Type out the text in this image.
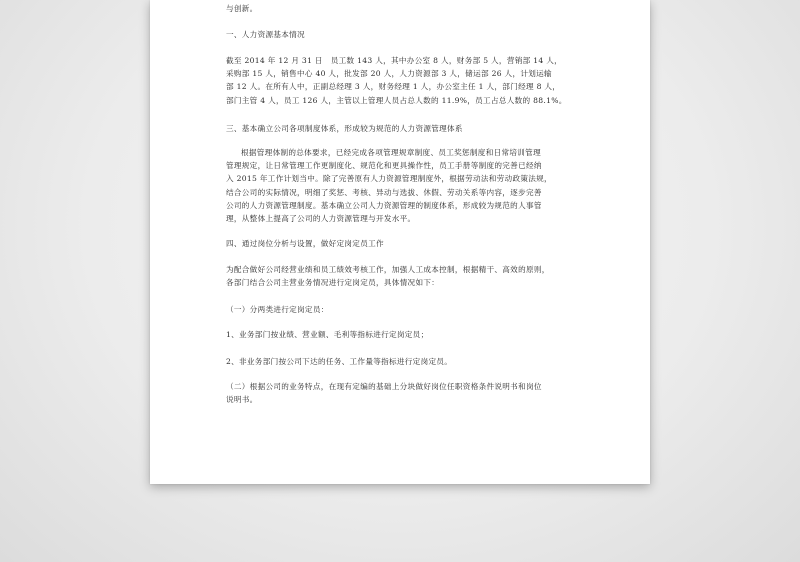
与创新。

一、人力资源基本情况

截至 2014 年 12 月 31 日　员工数 143 人，其中办公室 8 人，财务部 5 人，营销部 14 人，
采购部 15 人，销售中心 40 人，批发部 20 人，人力资源部 3 人，储运部 26 人，计划运输
部 12 人。在所有人中，正副总经理 3 人，财务经理 1 人，办公室主任 1 人，部门经理 8 人，
部门主管 4 人，员工 126 人，主管以上管理人员占总人数的 11.9%，员工占总人数的 88.1%。

三、基本确立公司各项制度体系，形成较为规范的人力资源管理体系

根据管理体制的总体要求，已经完成各项管理规章制度、员工奖惩制度和日常培训管理
管理规定，让日常管理工作更制度化、规范化和更具操作性，员工手册等制度的完善已经纳
入 2015 年工作计划当中。除了完善原有人力资源管理制度外，根据劳动法和劳动政策法规，
结合公司的实际情况，明细了奖惩、考核、异动与选拔、休假、劳动关系等内容，逐步完善
公司的人力资源管理制度。基本确立公司人力资源管理的制度体系，形成较为规范的人事管
理，从整体上提高了公司的人力资源管理与开发水平。

四、通过岗位分析与设置，做好定岗定员工作

为配合做好公司经营业绩和员工绩效考核工作，加强人工成本控制，根据精干、高效的原则，
各部门结合公司主营业务情况进行定岗定员，具体情况如下：

（一）分两类进行定岗定员：

1、业务部门按业绩、营业额、毛利等指标进行定岗定员；

2、非业务部门按公司下达的任务、工作量等指标进行定岗定员。

（二）根据公司的业务特点，在现有定编的基础上分块做好岗位任职资格条件说明书和岗位
说明书。
